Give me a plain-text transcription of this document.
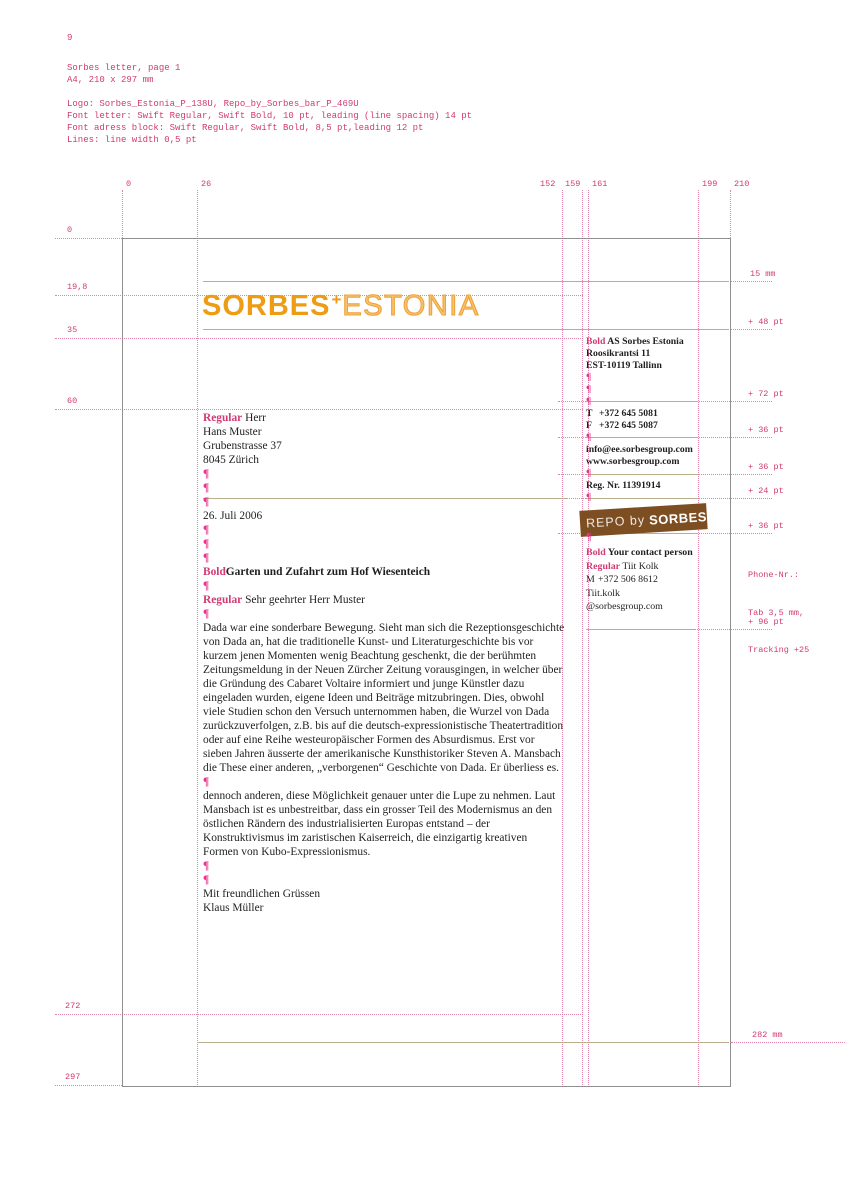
9
Sorbes letter, page 1
A4, 210 x 297 mm
Logo: Sorbes_Estonia_P_138U, Repo_by_Sorbes_bar_P_469U
Font letter: Swift Regular, Swift Bold, 10 pt, leading (line spacing) 14 pt
Font adress block: Swift Regular, Swift Bold, 8,5 pt,leading 12 pt
Lines: line width 0,5 pt
0	26	152 159 161	199 210
0
19,8
35
60
272
297
15 mm
+ 48 pt
+ 72 pt
+ 36 pt
+ 36 pt
+ 24 pt
+ 36 pt
+ 96 pt
282 mm

Phone-Nr.:

Tab 3,5 mm,

Tracking +25

SORBES+ESTONIA
Bold AS Sorbes Estonia
Roosikrantsi 11
EST-10119 Tallinn
¶
¶
¶
T +372 645 5081
F +372 645 5087
¶
info@ee.sorbesgroup.com
www.sorbesgroup.com
¶
Reg. Nr. 11391914
¶
REPO by SORBES
+
¶
Bold Your contact person
Regular Tiit Kolk
M +372 506 8612
Tiit.kolk
@sorbesgroup.com
Regular Herr
Hans Muster
Grubenstrasse 37
8045 Zürich
¶
¶
¶
26. Juli 2006
¶
¶
¶
BoldGarten und Zufahrt zum Hof Wiesenteich
¶
Regular Sehr geehrter Herr Muster
¶

Dada war eine sonderbare Bewegung. Sieht man sich die Rezeptionsgeschichte von Dada an, hat die traditionelle Kunst- und Literaturgeschichte bis vor kurzem jenen Momenten wenig Beachtung geschenkt, die der berühmten Zeitungsmeldung in der Neuen Zürcher Zeitung vorausgingen, in welcher über die Gründung des Cabaret Voltaire informiert und junge Künstler dazu eingeladen wurden, eigene Ideen und Beiträge mitzubringen. Dies, obwohl viele Studien schon den Versuch unternommen haben, die Wurzel von Dada zurückzuverfolgen, z.B. bis auf die deutsch-expressionistische Theatertradition oder auf eine Reihe westeuropäischer Formen des Absurdismus. Erst vor sieben Jahren äusserte der amerikanische Kunsthistoriker Steven A. Mansbach die These einer anderen, „verborgenen“ Geschichte von Dada. Er überliess es.

¶

dennoch anderen, diese Möglichkeit genauer unter die Lupe zu nehmen. Laut Mansbach ist es unbestreitbar, dass ein grosser Teil des Modernismus an den östlichen Rändern des industrialisierten Europas entstand – der Konstruktivismus im zaristischen Kaiserreich, die einzigartig kreativen Formen von Kubo-Expressionismus.

¶
¶
Mit freundlichen Grüssen
Klaus Müller
